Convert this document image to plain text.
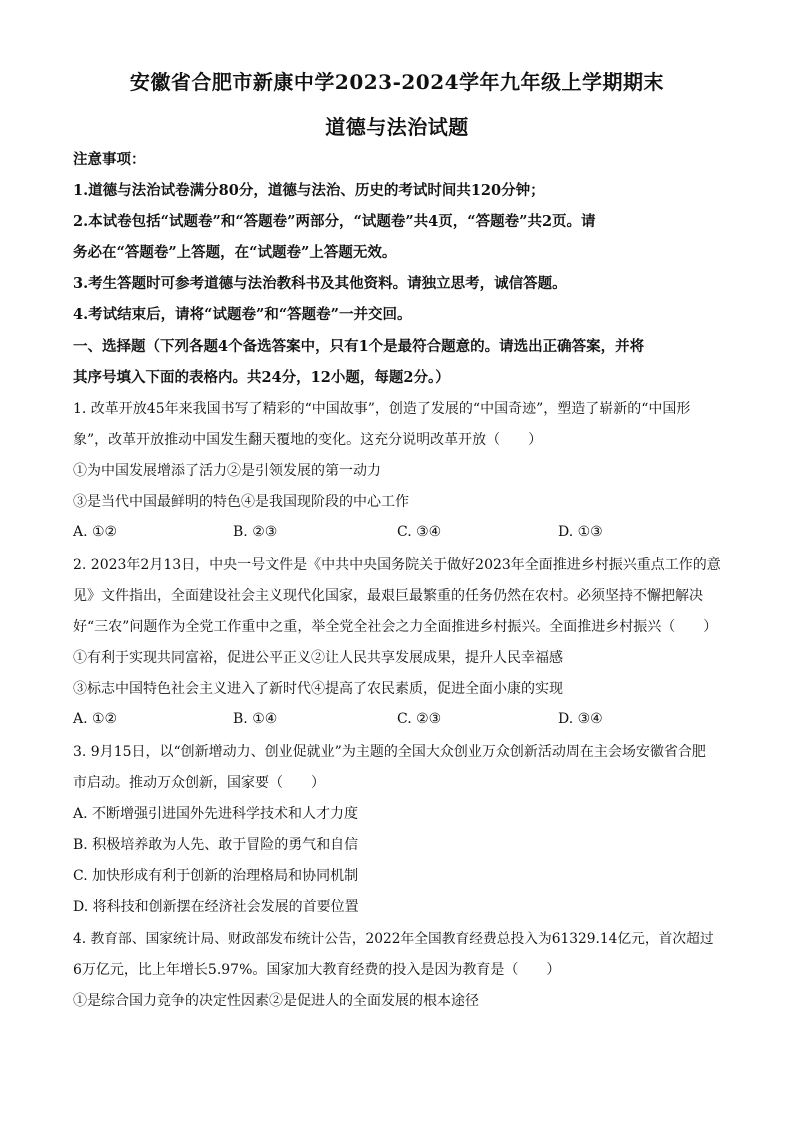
安徽省合肥市新康中学2023-2024学年九年级上学期期末
道德与法治试题
注意事项：
1.道德与法治试卷满分80分，道德与法治、历史的考试时间共120分钟；
2.本试卷包括“试题卷”和“答题卷”两部分，“试题卷”共4页，“答题卷”共2页。请
务必在“答题卷”上答题，在“试题卷”上答题无效。
3.考生答题时可参考道德与法治教科书及其他资料。请独立思考，诚信答题。
4.考试结束后，请将“试题卷”和“答题卷”一并交回。
一、选择题（下列各题4个备选答案中，只有1个是最符合题意的。请选出正确答案，并将
其序号填入下面的表格内。共24分，12小题，每题2分。）
1. 改革开放45年来我国书写了精彩的“中国故事”，创造了发展的“中国奇迹”，塑造了崭新的“中国形
象”，改革开放推动中国发生翻天覆地的变化。这充分说明改革开放（　　）
①为中国发展增添了活力②是引领发展的第一动力
③是当代中国最鲜明的特色④是我国现阶段的中心工作
A. ①②	B. ②③	C. ③④	D. ①③
2. 2023年2月13日，中央一号文件是《中共中央国务院关于做好2023年全面推进乡村振兴重点工作的意
见》文件指出，全面建设社会主义现代化国家，最艰巨最繁重的任务仍然在农村。必须坚持不懈把解决
好“三农”问题作为全党工作重中之重，举全党全社会之力全面推进乡村振兴。全面推进乡村振兴（　　）
①有利于实现共同富裕，促进公平正义②让人民共享发展成果，提升人民幸福感
③标志中国特色社会主义进入了新时代④提高了农民素质，促进全面小康的实现
A. ①②	B. ①④	C. ②③	D. ③④
3. 9月15日，以“创新增动力、创业促就业”为主题的全国大众创业万众创新活动周在主会场安徽省合肥
市启动。推动万众创新，国家要（　　）
A. 不断增强引进国外先进科学技术和人才力度
B. 积极培养敢为人先、敢于冒险的勇气和自信
C. 加快形成有利于创新的治理格局和协同机制
D. 将科技和创新摆在经济社会发展的首要位置
4. 教育部、国家统计局、财政部发布统计公告，2022年全国教育经费总投入为61329.14亿元，首次超过
6万亿元，比上年增长5.97%。国家加大教育经费的投入是因为教育是（　　）
①是综合国力竞争的决定性因素②是促进人的全面发展的根本途径
